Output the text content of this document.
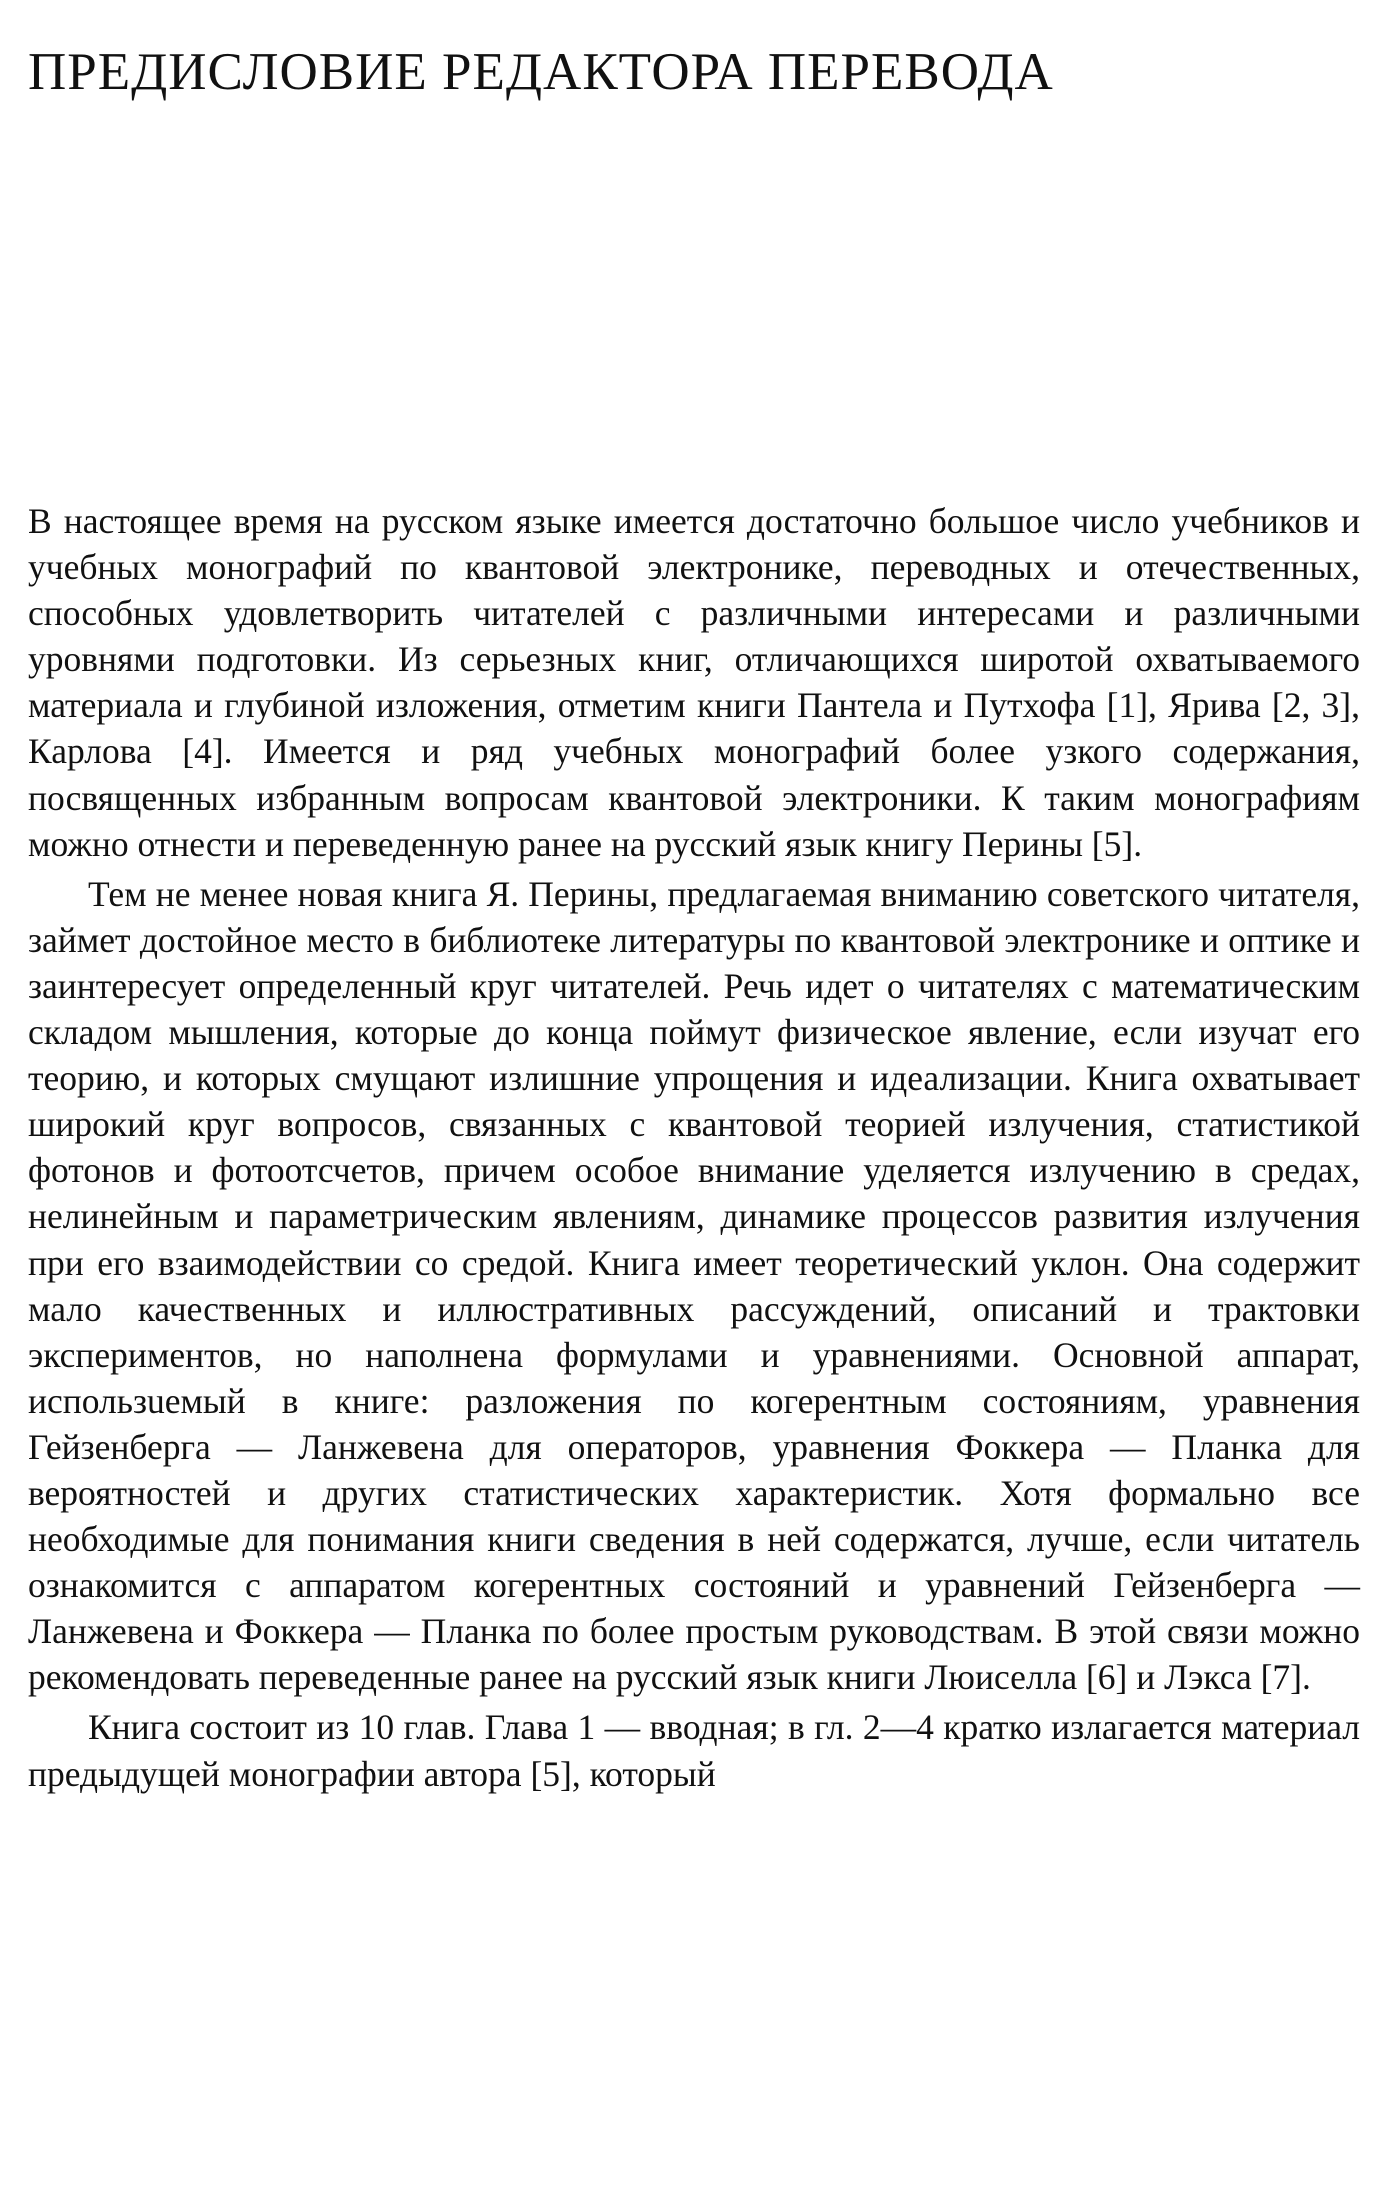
ПРЕДИСЛОВИЕ РЕДАКТОРА ПЕРЕВОДА

В настоящее время на русском языке имеется достаточно большое число учебников и учебных монографий по квантовой электронике, переводных и отечественных, способных удовлетворить читателей с различными интересами и различными уровнями подготовки. Из серьезных книг, отличающихся широтой охватываемого материала и глубиной изложения, отметим книги Пантела и Путхофа [1], Ярива [2, 3], Карлова [4]. Имеется и ряд учебных монографий более узкого содержания, посвященных избранным вопросам квантовой электроники. К таким монографиям можно отнести и переведенную ранее на русский язык книгу Перины [5].

Тем не менее новая книга Я. Перины, предлагаемая вниманию советского читателя, займет достойное место в библиотеке литературы по квантовой электронике и оптике и заинтересует определенный круг читателей. Речь идет о читателях с математическим складом мышления, которые до конца поймут физическое явление, если изучат его теорию, и которых смущают излишние упрощения и идеализации. Книга охватывает широкий круг вопросов, связанных с квантовой теорией излучения, статистикой фотонов и фотоотсчетов, причем особое внимание уделяется излучению в средах, нелинейным и параметрическим явлениям, динамике процессов развития излучения при его взаимодействии со средой. Книга имеет теоретический уклон. Она содержит мало качественных и иллюстративных рассуждений, описаний и трактовки экспериментов, но наполнена формулами и уравнениями. Основной аппарат, использueмый в книге: разложения по когерентным состояниям, уравнения Гейзенберга — Ланжевена для операторов, уравнения Фоккера — Планка для вероятностей и других статистических характеристик. Хотя формально все необходимые для понимания книги сведения в ней содержатся, лучше, если читатель ознакомится с аппаратом когерентных состояний и уравнений Гейзенберга — Ланжевена и Фоккера — Планка по более простым руководствам. В этой связи можно рекомендовать переведенные ранее на русский язык книги Люиселла [6] и Лэкса [7].

Книга состоит из 10 глав. Глава 1 — вводная; в гл. 2—4 кратко излагается материал предыдущей монографии автора [5], который
